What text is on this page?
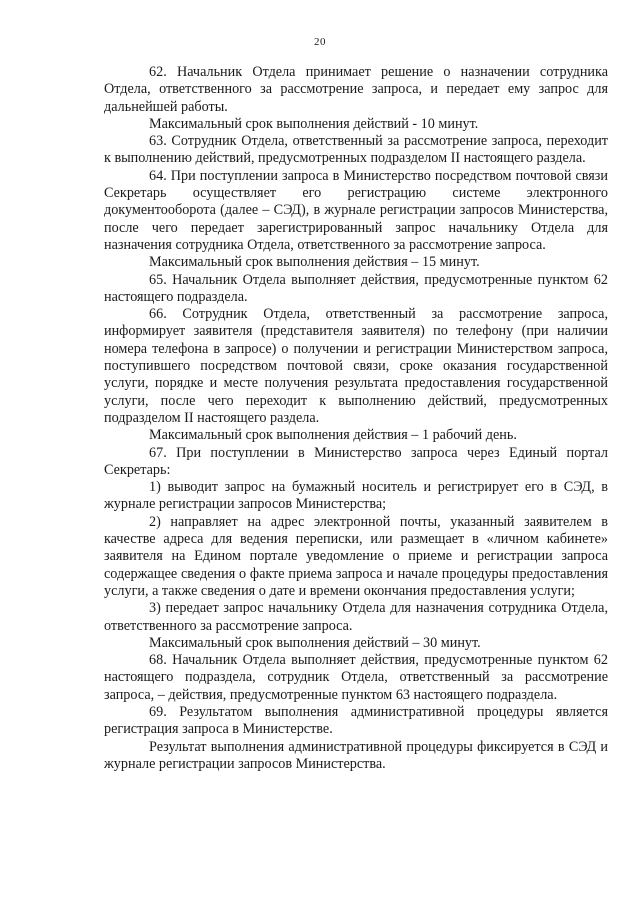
20

62. Начальник Отдела принимает решение о назначении сотрудника Отдела, ответственного за рассмотрение запроса, и передает ему запрос для дальнейшей работы.

Максимальный срок выполнения действий - 10 минут.

63. Сотрудник Отдела, ответственный за рассмотрение запроса, переходит к выполнению действий, предусмотренных подразделом II настоящего раздела.

64. При поступлении запроса в Министерство посредством почтовой связи Секретарь осуществляет его регистрацию системе электронного документооборота (далее – СЭД), в журнале регистрации запросов Министерства, после чего передает зарегистрированный запрос начальнику Отдела для назначения сотрудника Отдела, ответственного за рассмотрение запроса.

Максимальный срок выполнения действия – 15 минут.

65. Начальник Отдела выполняет действия, предусмотренные пунктом 62 настоящего подраздела.

66. Сотрудник Отдела, ответственный за рассмотрение запроса, информирует заявителя (представителя заявителя) по телефону (при наличии номера телефона в запросе) о получении и регистрации Министерством запроса, поступившего посредством почтовой связи, сроке оказания государственной услуги, порядке и месте получения результата предоставления государственной услуги, после чего переходит к выполнению действий, предусмотренных подразделом II настоящего раздела.

Максимальный срок выполнения действия – 1 рабочий день.

67. При поступлении в Министерство запроса через Единый портал Секретарь:

1) выводит запрос на бумажный носитель и регистрирует его в СЭД, в журнале регистрации запросов Министерства;

2) направляет на адрес электронной почты, указанный заявителем в качестве адреса для ведения переписки, или размещает в «личном кабинете» заявителя на Едином портале уведомление о приеме и регистрации запроса содержащее сведения о факте приема запроса и начале процедуры предоставления услуги, а также сведения о дате и времени окончания предоставления услуги;

3) передает запрос начальнику Отдела для назначения сотрудника Отдела, ответственного за рассмотрение запроса.

Максимальный срок выполнения действий – 30 минут.

68. Начальник Отдела выполняет действия, предусмотренные пунктом 62 настоящего подраздела, сотрудник Отдела, ответственный за рассмотрение запроса, – действия, предусмотренные пунктом 63 настоящего подраздела.

69. Результатом выполнения административной процедуры является регистрация запроса в Министерстве.

Результат выполнения административной процедуры фиксируется в СЭД и журнале регистрации запросов Министерства.
